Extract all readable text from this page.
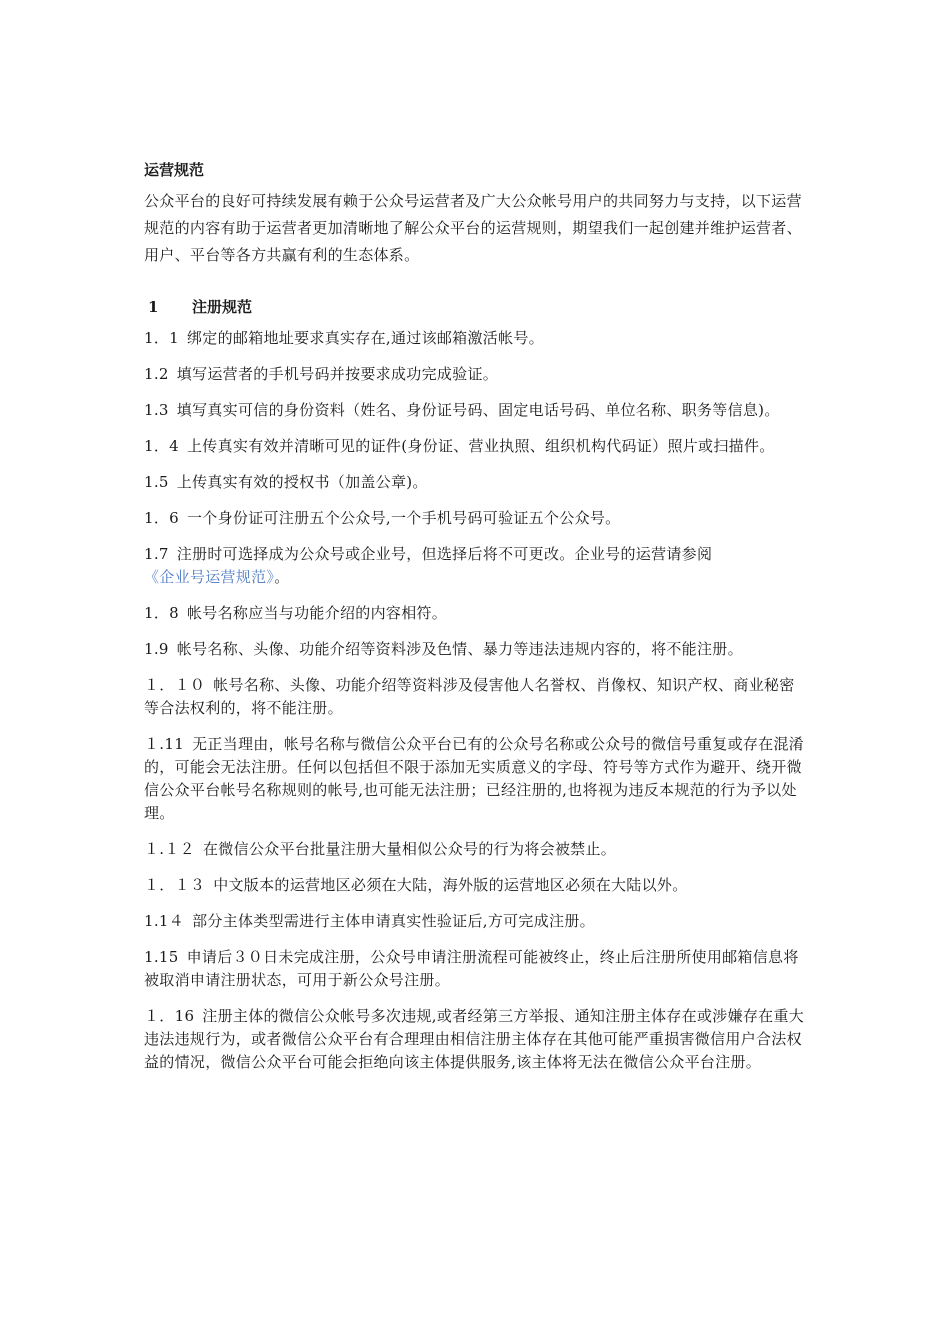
运营规范

公众平台的良好可持续发展有赖于公众号运营者及广大公众帐号用户的共同努力与支持，以下运营规范的内容有助于运营者更加清晰地了解公众平台的运营规则，期望我们一起创建并维护运营者、用户、平台等各方共赢有利的生态体系。

1 注册规范

1．1 绑定的邮箱地址要求真实存在,通过该邮箱激活帐号。

1.2 填写运营者的手机号码并按要求成功完成验证。

1.3 填写真实可信的身份资料（姓名、身份证号码、固定电话号码、单位名称、职务等信息)。

1．4 上传真实有效并清晰可见的证件(身份证、营业执照、组织机构代码证）照片或扫描件。

1.5 上传真实有效的授权书（加盖公章)。

1．6 一个身份证可注册五个公众号,一个手机号码可验证五个公众号。

1.7 注册时可选择成为公众号或企业号，但选择后将不可更改。企业号的运营请参阅
《企业号运营规范》。

1．8 帐号名称应当与功能介绍的内容相符。

1.9 帐号名称、头像、功能介绍等资料涉及色情、暴力等违法违规内容的，将不能注册。

１．１０ 帐号名称、头像、功能介绍等资料涉及侵害他人名誉权、肖像权、知识产权、商业秘密等合法权利的，将不能注册。

１.11 无正当理由，帐号名称与微信公众平台已有的公众号名称或公众号的微信号重复或存在混淆的，可能会无法注册。任何以包括但不限于添加无实质意义的字母、符号等方式作为避开、绕开微信公众平台帐号名称规则的帐号,也可能无法注册；已经注册的,也将视为违反本规范的行为予以处理。

１.１２ 在微信公众平台批量注册大量相似公众号的行为将会被禁止。

１．１３ 中文版本的运营地区必须在大陆，海外版的运营地区必须在大陆以外。

1.1４ 部分主体类型需进行主体申请真实性验证后,方可完成注册。

1.15 申请后３０日未完成注册，公众号申请注册流程可能被终止，终止后注册所使用邮箱信息将被取消申请注册状态，可用于新公众号注册。

１．16 注册主体的微信公众帐号多次违规,或者经第三方举报、通知注册主体存在或涉嫌存在重大违法违规行为，或者微信公众平台有合理理由相信注册主体存在其他可能严重损害微信用户合法权益的情况，微信公众平台可能会拒绝向该主体提供服务,该主体将无法在微信公众平台注册。
